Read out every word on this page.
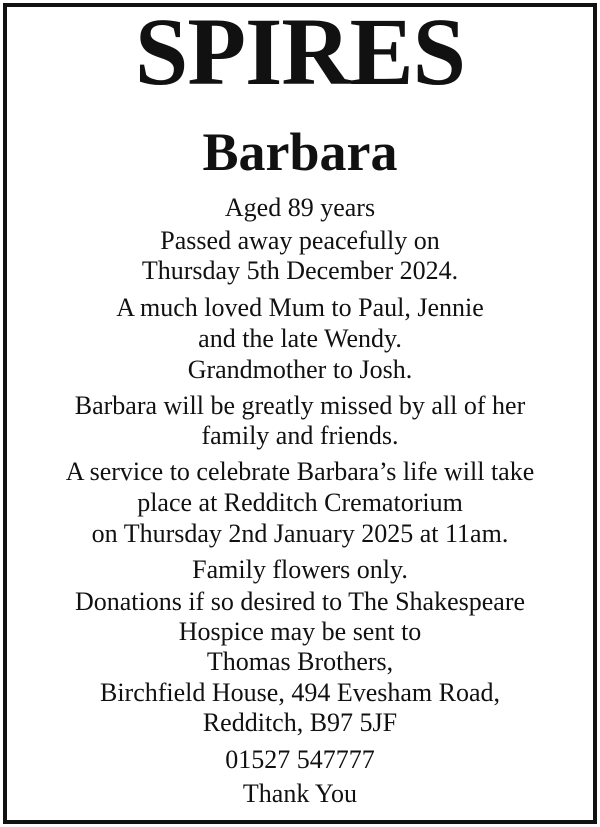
SPIRES
Barbara
Aged 89 years
Passed away peacefully on
Thursday 5th December 2024.
A much loved Mum to Paul, Jennie
and the late Wendy.
Grandmother to Josh.
Barbara will be greatly missed by all of her
family and friends.
A service to celebrate Barbara’s life will take
place at Redditch Crematorium
on Thursday 2nd January 2025 at 11am.
Family flowers only.
Donations if so desired to The Shakespeare
Hospice may be sent to
Thomas Brothers,
Birchfield House, 494 Evesham Road,
Redditch, B97 5JF
01527 547777
Thank You
